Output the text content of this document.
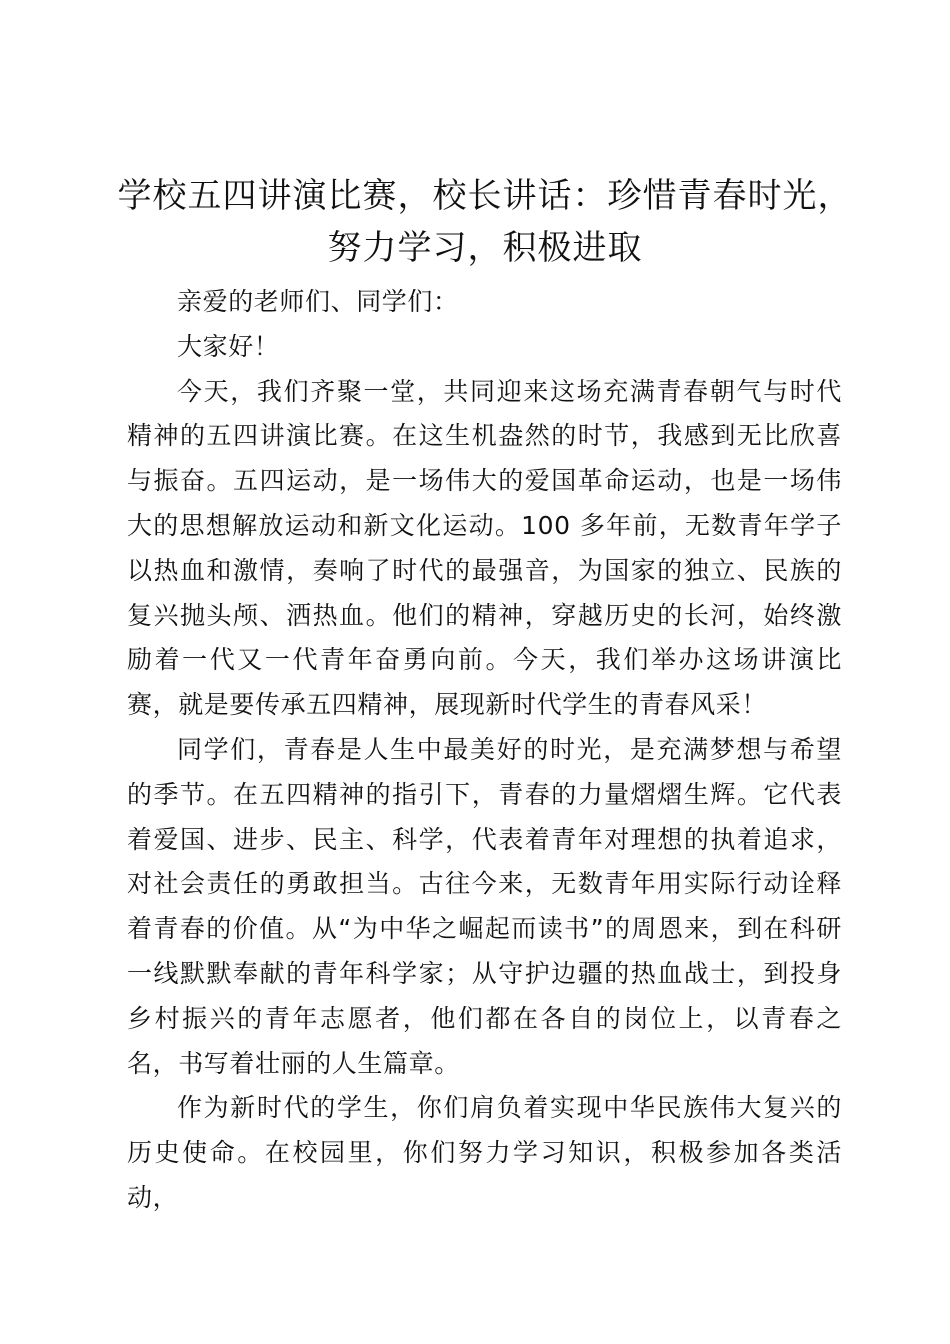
学校五四讲演比赛，校长讲话：珍惜青春时光，
努力学习，积极进取

亲爱的老师们、同学们：

大家好！

今天，我们齐聚一堂，共同迎来这场充满青春朝气与时代精神的五四讲演比赛。在这生机盎然的时节，我感到无比欣喜与振奋。五四运动，是一场伟大的爱国革命运动，也是一场伟大的思想解放运动和新文化运动。100 多年前，无数青年学子以热血和激情，奏响了时代的最强音，为国家的独立、民族的复兴抛头颅、洒热血。他们的精神，穿越历史的长河，始终激励着一代又一代青年奋勇向前。今天，我们举办这场讲演比赛，就是要传承五四精神，展现新时代学生的青春风采！

同学们，青春是人生中最美好的时光，是充满梦想与希望的季节。在五四精神的指引下，青春的力量熠熠生辉。它代表着爱国、进步、民主、科学，代表着青年对理想的执着追求，对社会责任的勇敢担当。古往今来，无数青年用实际行动诠释着青春的价值。从“为中华之崛起而读书”的周恩来，到在科研一线默默奉献的青年科学家；从守护边疆的热血战士，到投身乡村振兴的青年志愿者，他们都在各自的岗位上，以青春之名，书写着壮丽的人生篇章。

作为新时代的学生，你们肩负着实现中华民族伟大复兴的历史使命。在校园里，你们努力学习知识，积极参加各类活动，
